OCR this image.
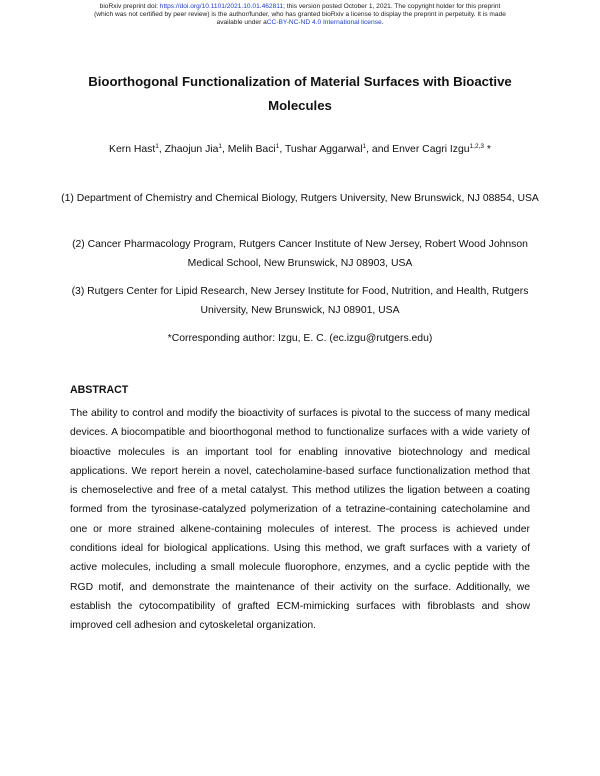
bioRxiv preprint doi: https://doi.org/10.1101/2021.10.01.462811; this version posted October 1, 2021. The copyright holder for this preprint
(which was not certified by peer review) is the author/funder, who has granted bioRxiv a license to display the preprint in perpetuity. It is made
available under aCC-BY-NC-ND 4.0 International license.
Bioorthogonal Functionalization of Material Surfaces with Bioactive Molecules
Kern Hast$^1$, Zhaojun Jia$^1$, Melih Baci$^1$, Tushar Aggarwal$^1$, and Enver Cagri Izgu$^{1,2,3}$ *
(1) Department of Chemistry and Chemical Biology, Rutgers University, New Brunswick, NJ 08854, USA
(2) Cancer Pharmacology Program, Rutgers Cancer Institute of New Jersey, Robert Wood Johnson Medical School, New Brunswick, NJ 08903, USA
(3) Rutgers Center for Lipid Research, New Jersey Institute for Food, Nutrition, and Health, Rutgers University, New Brunswick, NJ 08901, USA
*Corresponding author: Izgu, E. C. (ec.izgu@rutgers.edu)
ABSTRACT
The ability to control and modify the bioactivity of surfaces is pivotal to the success of many medical devices. A biocompatible and bioorthogonal method to functionalize surfaces with a wide variety of bioactive molecules is an important tool for enabling innovative biotechnology and medical applications. We report herein a novel, catecholamine-based surface functionalization method that is chemoselective and free of a metal catalyst. This method utilizes the ligation between a coating formed from the tyrosinase-catalyzed polymerization of a tetrazine-containing catecholamine and one or more strained alkene-containing molecules of interest. The process is achieved under conditions ideal for biological applications. Using this method, we graft surfaces with a variety of active molecules, including a small molecule fluorophore, enzymes, and a cyclic peptide with the RGD motif, and demonstrate the maintenance of their activity on the surface. Additionally, we establish the cytocompatibility of grafted ECM-mimicking surfaces with fibroblasts and show improved cell adhesion and cytoskeletal organization.
